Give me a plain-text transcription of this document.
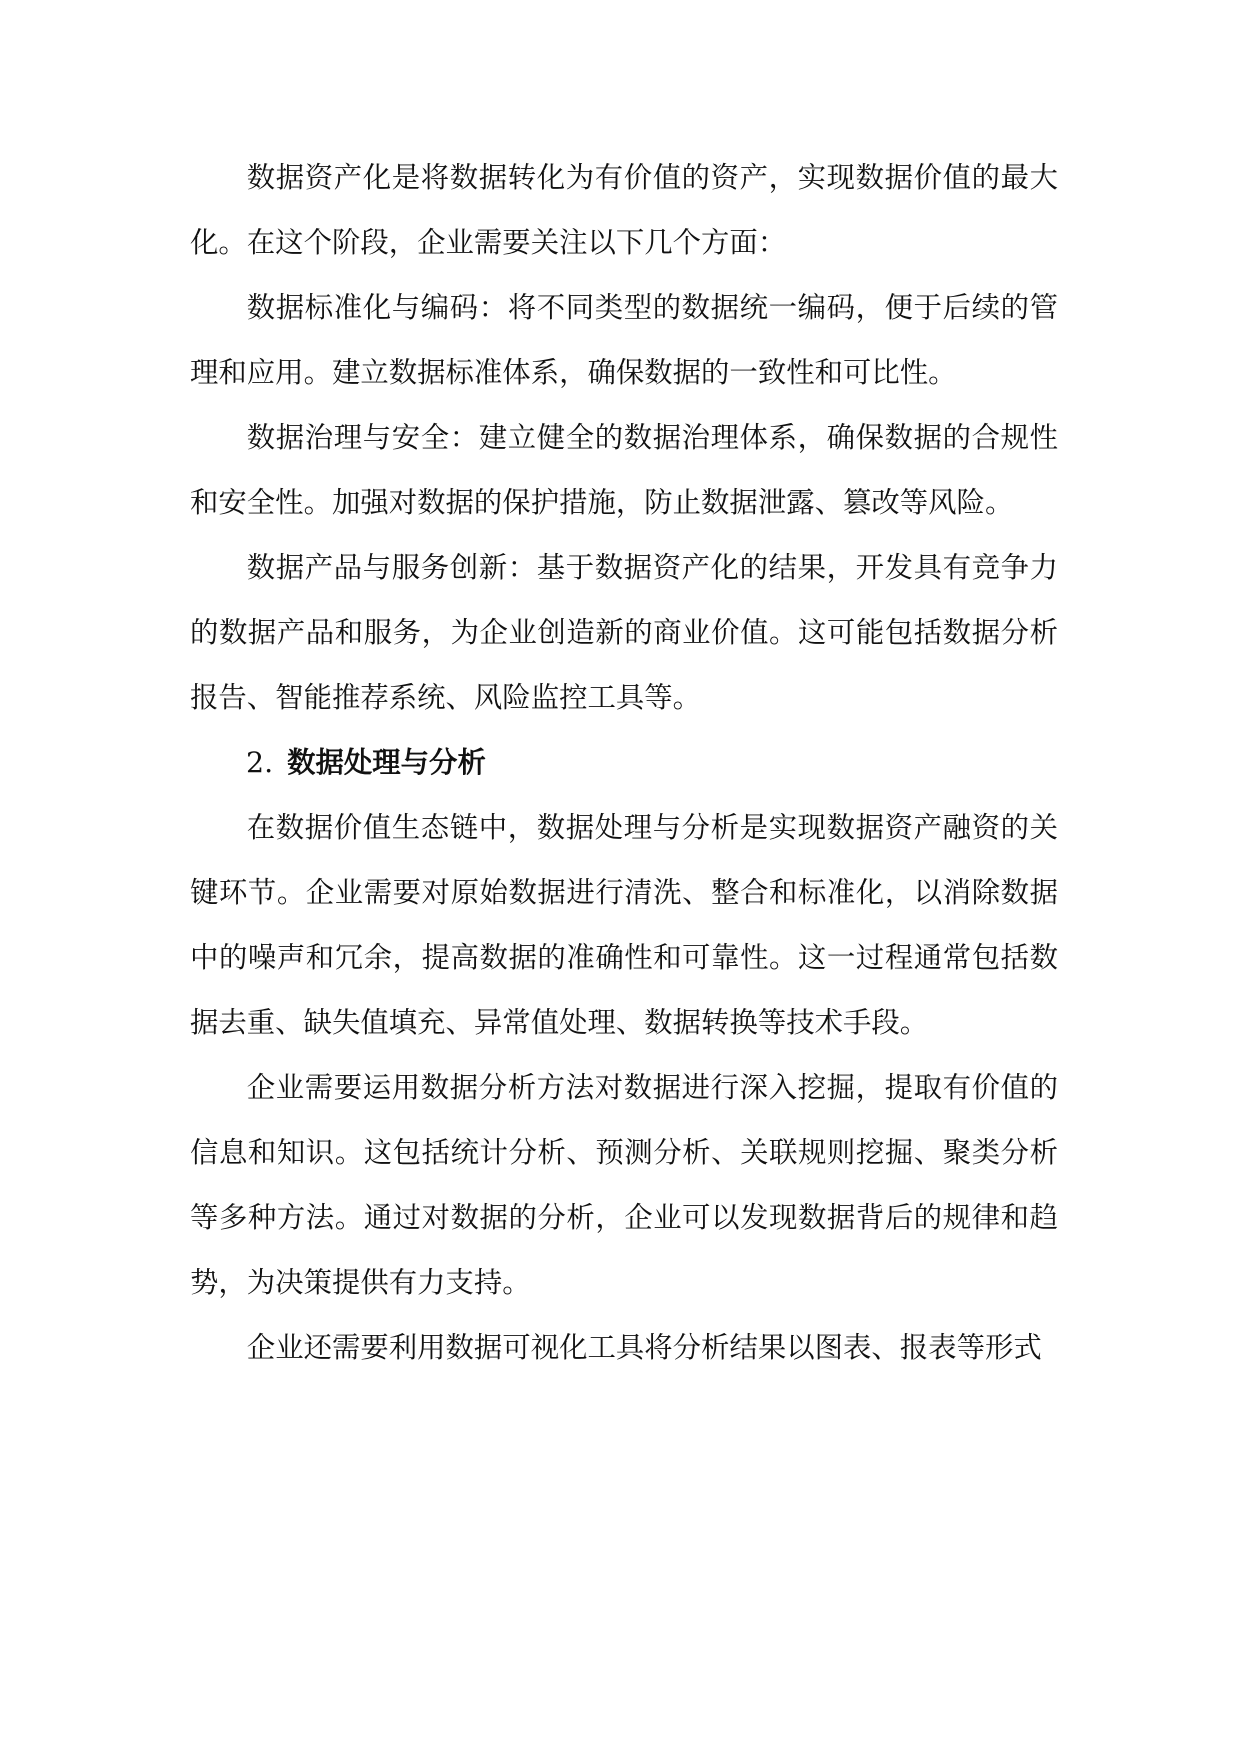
数据资产化是将数据转化为有价值的资产，实现数据价值的最大化。在这个阶段，企业需要关注以下几个方面：

数据标准化与编码：将不同类型的数据统一编码，便于后续的管理和应用。建立数据标准体系，确保数据的一致性和可比性。

数据治理与安全：建立健全的数据治理体系，确保数据的合规性和安全性。加强对数据的保护措施，防止数据泄露、篡改等风险。

数据产品与服务创新：基于数据资产化的结果，开发具有竞争力的数据产品和服务，为企业创造新的商业价值。这可能包括数据分析报告、智能推荐系统、风险监控工具等。

2. 数据处理与分析

在数据价值生态链中，数据处理与分析是实现数据资产融资的关键环节。企业需要对原始数据进行清洗、整合和标准化，以消除数据中的噪声和冗余，提高数据的准确性和可靠性。这一过程通常包括数据去重、缺失值填充、异常值处理、数据转换等技术手段。

企业需要运用数据分析方法对数据进行深入挖掘，提取有价值的信息和知识。这包括统计分析、预测分析、关联规则挖掘、聚类分析等多种方法。通过对数据的分析，企业可以发现数据背后的规律和趋势，为决策提供有力支持。

企业还需要利用数据可视化工具将分析结果以图表、报表等形式
